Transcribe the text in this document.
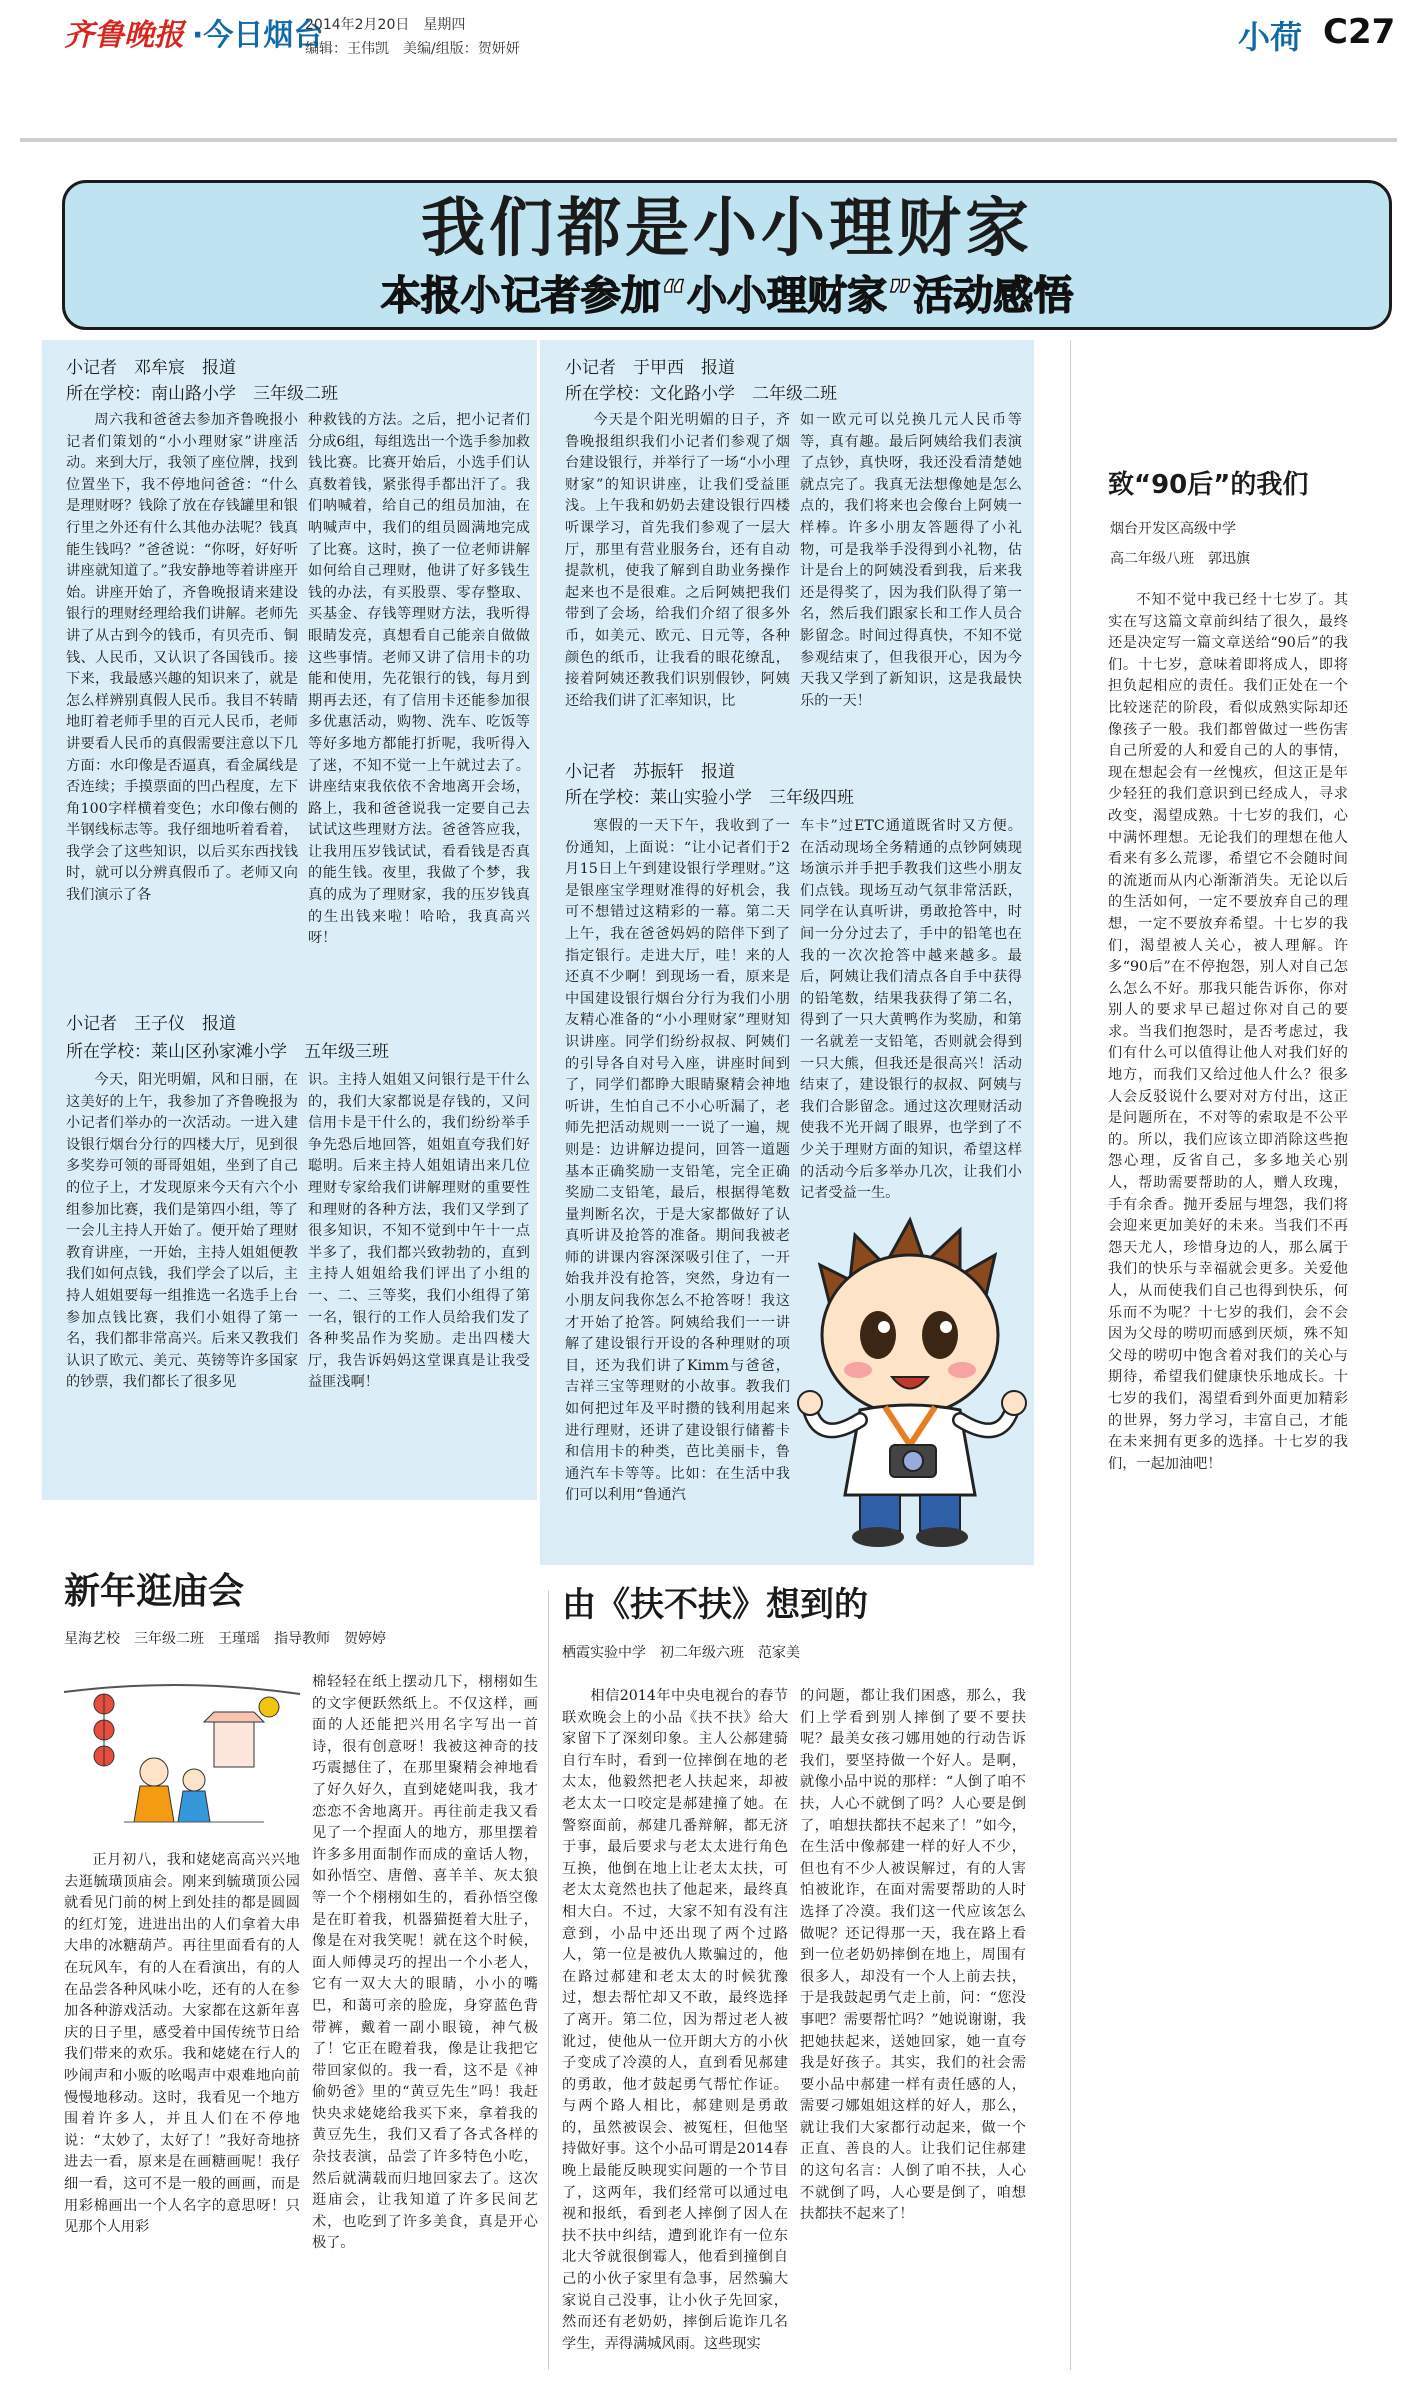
齐鲁晚报 ·今日烟台
2014年2月20日　星期四
编辑：王伟凯　美编/组版：贺妍妍	小荷 C27
我们都是小小理财家
本报小记者参加“小小理财家”活动感悟
小记者　邓牟宸　报道
所在学校：南山路小学　三年级二班

周六我和爸爸去参加齐鲁晚报小记者们策划的“小小理财家”讲座活动。来到大厅，我领了座位牌，找到位置坐下，我不停地问爸爸：“什么是理财呀？钱除了放在存钱罐里和银行里之外还有什么其他办法呢？钱真能生钱吗？”爸爸说：“你呀，好好听讲座就知道了。”我安静地等着讲座开始。讲座开始了，齐鲁晚报请来建设银行的理财经理给我们讲解。老师先讲了从古到今的钱币，有贝壳币、铜钱、人民币，又认识了各国钱币。接下来，我最感兴趣的知识来了，就是怎么样辨别真假人民币。我目不转睛地盯着老师手里的百元人民币，老师讲要看人民币的真假需要注意以下几方面：水印像是否逼真，看金属线是否连续；手摸票面的凹凸程度，左下角100字样横着变色；水印像右侧的半钢线标志等。我仔细地听着看着，我学会了这些知识，以后买东西找钱时，就可以分辨真假币了。老师又向我们演示了各

种救钱的方法。之后，把小记者们分成6组，每组选出一个选手参加救钱比赛。比赛开始后，小选手们认真数着钱，紧张得手都出汗了。我们呐喊着，给自己的组员加油，在呐喊声中，我们的组员圆满地完成了比赛。这时，换了一位老师讲解如何给自己理财，他讲了好多钱生钱的办法，有买股票、零存整取、买基金、存钱等理财方法，我听得眼睛发亮，真想看自己能亲自做做这些事情。老师又讲了信用卡的功能和使用，先花银行的钱，每月到期再去还，有了信用卡还能参加很多优惠活动，购物、洗车、吃饭等等好多地方都能打折呢，我听得入了迷，不知不觉一上午就过去了。讲座结束我依依不舍地离开会场，路上，我和爸爸说我一定要自己去试试这些理财方法。爸爸答应我，让我用压岁钱试试，看看钱是否真的能生钱。夜里，我做了个梦，我真的成为了理财家，我的压岁钱真的生出钱来啦！哈哈，我真高兴呀！

小记者　王子仪　报道
所在学校：莱山区孙家滩小学　五年级三班

今天，阳光明媚，风和日丽，在这美好的上午，我参加了齐鲁晚报为小记者们举办的一次活动。一进入建设银行烟台分行的四楼大厅，见到很多奖券可领的哥哥姐姐，坐到了自己的位子上，才发现原来今天有六个小组参加比赛，我们是第四小组，等了一会儿主持人开始了。便开始了理财教育讲座，一开始，主持人姐姐便教我们如何点钱，我们学会了以后，主持人姐姐要每一组推选一名选手上台参加点钱比赛，我们小姐得了第一名，我们都非常高兴。后来又教我们认识了欧元、美元、英镑等许多国家的钞票，我们都长了很多见

识。主持人姐姐又问银行是干什么的，我们大家都说是存钱的，又问信用卡是干什么的，我们纷纷举手争先恐后地回答，姐姐直夸我们好聪明。后来主持人姐姐请出来几位理财专家给我们讲解理财的重要性和理财的各种方法，我们又学到了很多知识，不知不觉到中午十一点半多了，我们都兴致勃勃的，直到主持人姐姐给我们评出了小组的一、二、三等奖，我们小组得了第一名，银行的工作人员给我们发了各种奖品作为奖励。走出四楼大厅，我告诉妈妈这堂课真是让我受益匪浅啊！

小记者　于甲西　报道
所在学校：文化路小学　二年级二班

今天是个阳光明媚的日子，齐鲁晚报组织我们小记者们参观了烟台建设银行，并举行了一场“小小理财家”的知识讲座，让我们受益匪浅。上午我和奶奶去建设银行四楼听课学习，首先我们参观了一层大厅，那里有营业服务台，还有自动提款机，使我了解到自助业务操作起来也不是很难。之后阿姨把我们带到了会场，给我们介绍了很多外币，如美元、欧元、日元等，各种颜色的纸币，让我看的眼花缭乱，接着阿姨还教我们识别假钞，阿姨还给我们讲了汇率知识，比

如一欧元可以兑换几元人民币等等，真有趣。最后阿姨给我们表演了点钞，真快呀，我还没看清楚她就点完了。我真无法想像她是怎么点的，我们将来也会像台上阿姨一样棒。许多小朋友答题得了小礼物，可是我举手没得到小礼物，估计是台上的阿姨没看到我，后来我还是得奖了，因为我们队得了第一名，然后我们跟家长和工作人员合影留念。时间过得真快，不知不觉参观结束了，但我很开心，因为今天我又学到了新知识，这是我最快乐的一天！

小记者　苏振轩　报道
所在学校：莱山实验小学　三年级四班

寒假的一天下午，我收到了一份通知，上面说：“让小记者们于2月15日上午到建设银行学理财。”这是银座宝学理财准得的好机会，我可不想错过这精彩的一幕。第二天上午，我在爸爸妈妈的陪伴下到了指定银行。走进大厅，哇！来的人还真不少啊！到现场一看，原来是中国建设银行烟台分行为我们小朋友精心准备的“小小理财家”理财知识讲座。同学们纷纷叔叔、阿姨们的引导各自对号入座，讲座时间到了，同学们都睁大眼睛聚精会神地听讲，生怕自己不小心听漏了，老师先把活动规则一一说了一遍，规则是：边讲解边提问，回答一道题基本正确奖励一支铅笔，完全正确奖励二支铅笔，最后，根据得笔数量判断名次，于是大家都做好了认真听讲及抢答的准备。期间我被老师的讲课内容深深吸引住了，一开始我并没有抢答，突然，身边有一小朋友问我你怎么不抢答呀！我这才开始了抢答。阿姨给我们一一讲解了建设银行开设的各种理财的项目，还为我们讲了Kimm与爸爸，吉祥三宝等理财的小故事。教我们如何把过年及平时攒的钱利用起来进行理财，还讲了建设银行储蓄卡和信用卡的种类，芭比美丽卡，鲁通汽车卡等等。比如：在生活中我们可以利用“鲁通汽

车卡”过ETC通道既省时又方便。在活动现场全务精通的点钞阿姨现场演示并手把手教我们这些小朋友们点钱。现场互动气氛非常活跃，同学在认真听讲，勇敢抢答中，时间一分分过去了，手中的铅笔也在我的一次次抢答中越来越多。最后，阿姨让我们清点各自手中获得的铅笔数，结果我获得了第二名，得到了一只大黄鸭作为奖励，和第一名就差一支铅笔，否则就会得到一只大熊，但我还是很高兴！活动结束了，建设银行的叔叔、阿姨与我们合影留念。通过这次理财活动使我不光开阔了眼界，也学到了不少关于理财方面的知识，希望这样的活动今后多举办几次，让我们小记者受益一生。

致“90后”的我们
烟台开发区高级中学
高二年级八班　郭迅旗

不知不觉中我已经十七岁了。其实在写这篇文章前纠结了很久，最终还是决定写一篇文章送给“90后”的我们。十七岁，意味着即将成人，即将担负起相应的责任。我们正处在一个比较迷茫的阶段，看似成熟实际却还像孩子一般。我们都曾做过一些伤害自己所爱的人和爱自己的人的事情，现在想起会有一丝愧疚，但这正是年少轻狂的我们意识到已经成人，寻求改变，渴望成熟。十七岁的我们，心中满怀理想。无论我们的理想在他人看来有多么荒谬，希望它不会随时间的流逝而从内心渐渐消失。无论以后的生活如何，一定不要放弃自己的理想，一定不要放弃希望。十七岁的我们，渴望被人关心，被人理解。许多“90后”在不停抱怨，别人对自己怎么怎么不好。那我只能告诉你，你对别人的要求早已超过你对自己的要求。当我们抱怨时，是否考虑过，我们有什么可以值得让他人对我们好的地方，而我们又给过他人什么？很多人会反驳说什么要对对方付出，这正是问题所在，不对等的索取是不公平的。所以，我们应该立即消除这些抱怨心理，反省自己，多多地关心别人，帮助需要帮助的人，赠人玫瑰，手有余香。抛开委屈与埋怨，我们将会迎来更加美好的未来。当我们不再怨天尤人，珍惜身边的人，那么属于我们的快乐与幸福就会更多。关爱他人，从而使我们自己也得到快乐，何乐而不为呢？十七岁的我们，会不会因为父母的唠叨而感到厌烦，殊不知父母的唠叨中饱含着对我们的关心与期待，希望我们健康快乐地成长。十七岁的我们，渴望看到外面更加精彩的世界，努力学习，丰富自己，才能在未来拥有更多的选择。十七岁的我们，一起加油吧！

新年逛庙会
星海艺校　三年级二班　王瑾瑶　指导教师　贺婷婷

正月初八，我和姥姥高高兴兴地去逛毓璜顶庙会。刚来到毓璜顶公园就看见门前的树上到处挂的都是圆圆的红灯笼，进进出出的人们拿着大串大串的冰糖葫芦。再往里面看有的人在玩风车，有的人在看演出，有的人在品尝各种风味小吃，还有的人在参加各种游戏活动。大家都在这新年喜庆的日子里，感受着中国传统节日给我们带来的欢乐。我和姥姥在行人的吵闹声和小贩的吆喝声中艰难地向前慢慢地移动。这时，我看见一个地方围着许多人，并且人们在不停地说：“太妙了，太好了！”我好奇地挤进去一看，原来是在画糖画呢！我仔细一看，这可不是一般的画画，而是用彩棉画出一个人名字的意思呀！只见那个人用彩

棉轻轻在纸上摆动几下，栩栩如生的文字便跃然纸上。不仅这样，画面的人还能把兴用名字写出一首诗，很有创意呀！我被这神奇的技巧震撼住了，在那里聚精会神地看了好久好久，直到姥姥叫我，我才恋恋不舍地离开。再往前走我又看见了一个捏面人的地方，那里摆着许多多用面制作而成的童话人物，如孙悟空、唐僧、喜羊羊、灰太狼等一个个栩栩如生的，看孙悟空像是在盯着我，机器猫挺着大肚子，像是在对我笑呢！就在这个时候，面人师傅灵巧的捏出一个小老人，它有一双大大的眼睛，小小的嘴巴，和蔼可亲的脸庞，身穿蓝色背带裤，戴着一副小眼镜，神气极了！它正在瞪着我，像是让我把它带回家似的。我一看，这不是《神偷奶爸》里的“黄豆先生”吗！我赶快央求姥姥给我买下来，拿着我的黄豆先生，我们又看了各式各样的杂技表演，品尝了许多特色小吃，然后就满载而归地回家去了。这次逛庙会，让我知道了许多民间艺术，也吃到了许多美食，真是开心极了。

由《扶不扶》想到的
栖霞实验中学　初二年级六班　范家美

相信2014年中央电视台的春节联欢晚会上的小品《扶不扶》给大家留下了深刻印象。主人公郝建骑自行车时，看到一位摔倒在地的老太太，他毅然把老人扶起来，却被老太太一口咬定是郝建撞了她。在警察面前，郝建几番辩解，都无济于事，最后要求与老太太进行角色互换，他倒在地上让老太太扶，可老太太竟然也扶了他起来，最终真相大白。不过，大家不知有没有注意到，小品中还出现了两个过路人，第一位是被仇人欺骗过的，他在路过郝建和老太太的时候犹豫过，想去帮忙却又不敢，最终选择了离开。第二位，因为帮过老人被讹过，使他从一位开朗大方的小伙子变成了冷漠的人，直到看见郝建的勇敢，他才鼓起勇气帮忙作证。与两个路人相比，郝建则是勇敢的，虽然被误会、被冤枉，但他坚持做好事。这个小品可谓是2014春晚上最能反映现实问题的一个节目了，这两年，我们经常可以通过电视和报纸，看到老人摔倒了因人在扶不扶中纠结，遭到讹诈有一位东北大爷就很倒霉人，他看到撞倒自己的小伙子家里有急事，居然骗大家说自己没事，让小伙子先回家，然而还有老奶奶，摔倒后诡诈几名学生，弄得满城风雨。这些现实

的问题，都让我们困惑，那么，我们上学看到别人摔倒了要不要扶呢？最美女孩刁娜用她的行动告诉我们，要坚持做一个好人。是啊，就像小品中说的那样：“人倒了咱不扶，人心不就倒了吗？人心要是倒了，咱想扶都扶不起来了！”如今，在生活中像郝建一样的好人不少，但也有不少人被误解过，有的人害怕被讹诈，在面对需要帮助的人时选择了冷漠。我们这一代应该怎么做呢？还记得那一天，我在路上看到一位老奶奶摔倒在地上，周围有很多人，却没有一个人上前去扶，于是我鼓起勇气走上前，问：“您没事吧？需要帮忙吗？”她说谢谢，我把她扶起来，送她回家，她一直夸我是好孩子。其实，我们的社会需要小品中郝建一样有责任感的人，需要刁娜姐姐这样的好人，那么，就让我们大家都行动起来，做一个正直、善良的人。让我们记住郝建的这句名言：人倒了咱不扶，人心不就倒了吗，人心要是倒了，咱想扶都扶不起来了！
